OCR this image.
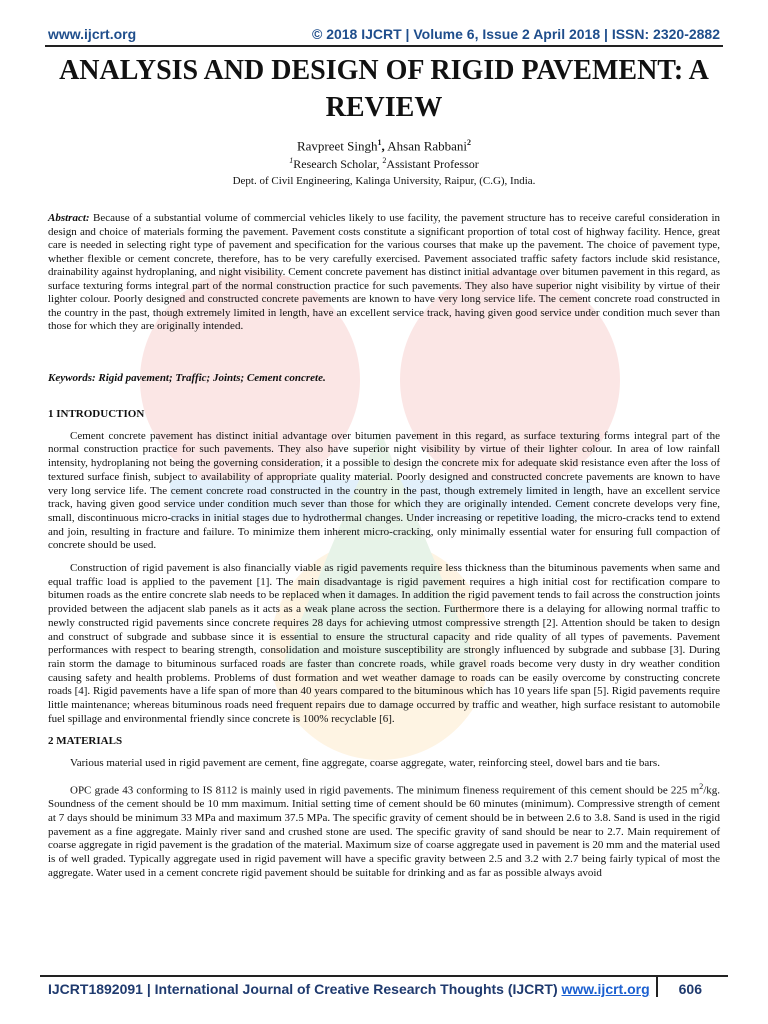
www.ijcrt.org	© 2018 IJCRT | Volume 6, Issue 2 April 2018 | ISSN: 2320-2882
ANALYSIS AND DESIGN OF RIGID PAVEMENT: A REVIEW
Ravpreet Singh$^1$, Ahsan Rabbani$^2$
$^1$Research Scholar, $^2$Assistant Professor
Dept. of Civil Engineering, Kalinga University, Raipur, (C.G), India.
Abstract: Because of a substantial volume of commercial vehicles likely to use facility, the pavement structure has to receive careful consideration in design and choice of materials forming the pavement. Pavement costs constitute a significant proportion of total cost of highway facility. Hence, great care is needed in selecting right type of pavement and specification for the various courses that make up the pavement. The choice of pavement type, whether flexible or cement concrete, therefore, has to be very carefully exercised. Pavement associated traffic safety factors include skid resistance, drainability against hydroplaning, and night visibility. Cement concrete pavement has distinct initial advantage over bitumen pavement in this regard, as surface texturing forms integral part of the normal construction practice for such pavements. They also have superior night visibility by virtue of their lighter colour. Poorly designed and constructed concrete pavements are known to have very long service life. The cement concrete road constructed in the country in the past, though extremely limited in length, have an excellent service track, having given good service under condition much sever than those for which they are originally intended.
Keywords: Rigid pavement; Traffic; Joints; Cement concrete.
1 INTRODUCTION

Cement concrete pavement has distinct initial advantage over bitumen pavement in this regard, as surface texturing forms integral part of the normal construction practice for such pavements. They also have superior night visibility by virtue of their lighter colour. In area of low rainfall intensity, hydroplaning not being the governing consideration, it a possible to design the concrete mix for adequate skid resistance even after the loss of textured surface finish, subject to availability of appropriate quality material. Poorly designed and constructed concrete pavements are known to have very long service life. The cement concrete road constructed in the country in the past, though extremely limited in length, have an excellent service track, having given good service under condition much sever than those for which they are originally intended. Cement concrete develops very fine, small, discontinuous micro-cracks in initial stages due to hydrothermal changes. Under increasing or repetitive loading, the micro-cracks tend to extend and join, resulting in fracture and failure. To minimize them inherent micro-cracking, only minimally essential water for ensuring full compaction of concrete should be used.

Construction of rigid pavement is also financially viable as rigid pavements require less thickness than the bituminous pavements when same and equal traffic load is applied to the pavement [1]. The main disadvantage is rigid pavement requires a high initial cost for rectification compare to bitumen roads as the entire concrete slab needs to be replaced when it damages. In addition the rigid pavement tends to fail across the construction joints provided between the adjacent slab panels as it acts as a weak plane across the section. Furthermore there is a delaying for allowing normal traffic to newly constructed rigid pavements since concrete requires 28 days for achieving utmost compressive strength [2]. Attention should be taken to design and construct of subgrade and subbase since it is essential to ensure the structural capacity and ride quality of all types of pavements. Pavement performances with respect to bearing strength, consolidation and moisture susceptibility are strongly influenced by subgrade and subbase [3]. During rain storm the damage to bituminous surfaced roads are faster than concrete roads, while gravel roads become very dusty in dry weather condition causing safety and health problems. Problems of dust formation and wet weather damage to roads can be easily overcome by constructing concrete roads [4]. Rigid pavements have a life span of more than 40 years compared to the bituminous which has 10 years life span [5]. Rigid pavements require little maintenance; whereas bituminous roads need frequent repairs due to damage occurred by traffic and weather, high surface resistant to automobile fuel spillage and environmental friendly since concrete is 100% recyclable [6].

2 MATERIALS

Various material used in rigid pavement are cement, fine aggregate, coarse aggregate, water, reinforcing steel, dowel bars and tie bars.

OPC grade 43 conforming to IS 8112 is mainly used in rigid pavements. The minimum fineness requirement of this cement should be 225 $m^2/kg$. Soundness of the cement should be 10 mm maximum. Initial setting time of cement should be 60 minutes (minimum). Compressive strength of cement at 7 days should be minimum 33 MPa and maximum 37.5 MPa. The specific gravity of cement should be in between 2.6 to 3.8. Sand is used in the rigid pavement as a fine aggregate. Mainly river sand and crushed stone are used. The specific gravity of sand should be near to 2.7. Main requirement of coarse aggregate in rigid pavement is the gradation of the material. Maximum size of coarse aggregate used in pavement is 20 mm and the material used is of well graded. Typically aggregate used in rigid pavement will have a specific gravity between 2.5 and 3.2 with 2.7 being fairly typical of most the aggregate. Water used in a cement concrete rigid pavement should be suitable for drinking and as far as possible always avoid

IJCRT1892091 | International Journal of Creative Research Thoughts (IJCRT) www.ijcrt.org 606
